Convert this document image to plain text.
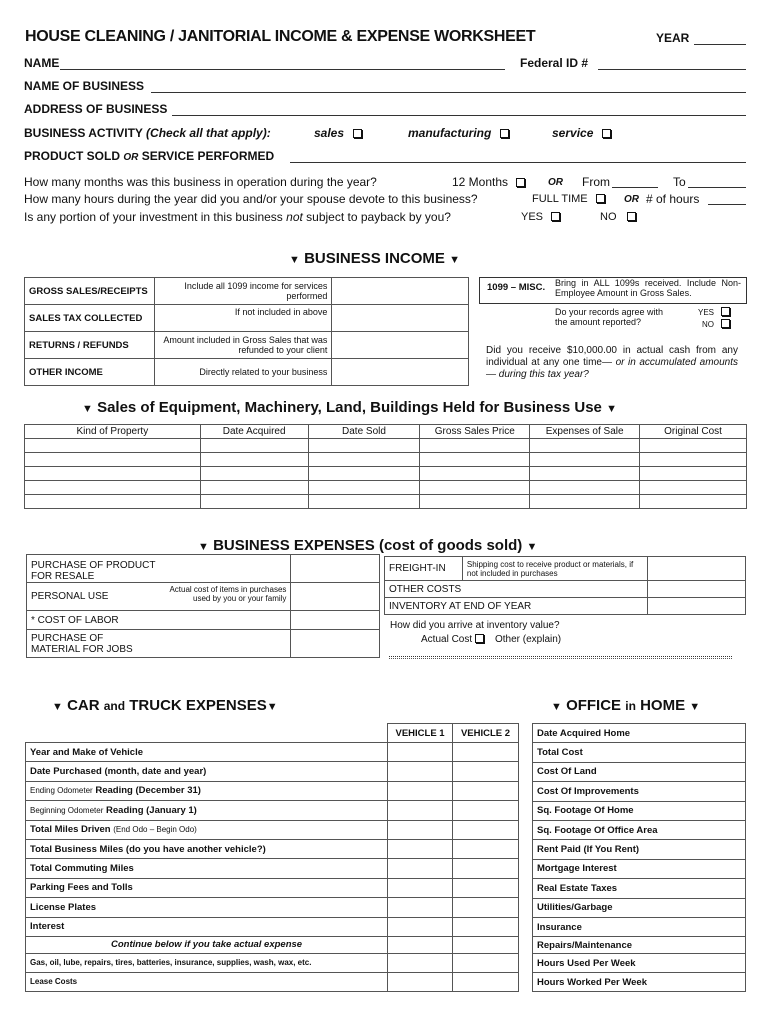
HOUSE CLEANING / JANITORIAL INCOME & EXPENSE WORKSHEET	YEAR
NAME	Federal ID #
NAME OF BUSINESS
ADDRESS OF BUSINESS
BUSINESS ACTIVITY (Check all that apply):	sales	manufacturing	service
PRODUCT SOLD OR SERVICE PERFORMED
How many months was this business in operation during the year?	12 Months	OR From	To
How many hours during the year did you and/or your spouse devote to this business?	FULL TIME	OR # of hours
Is any portion of your investment in this business not subject to payback by you?	YES	NO
▼ BUSINESS INCOME ▼
GROSS SALES/RECEIPTS	Include all 1099 income for services performed	
SALES TAX COLLECTED	If not included in above	
RETURNS / REFUNDS	Amount included in Gross Sales that was refunded to your client	
OTHER INCOME	Directly related to your business	
1099 – MISC. Bring in ALL 1099s received. Include Non-Employee Amount in Gross Sales.
Do your records agree with the amount reported?
YES
NO
Did you receive $10,000.00 in actual cash from any individual at any one time— or in accumulated amounts — during this tax year?
▼ Sales of Equipment, Machinery, Land, Buildings Held for Business Use ▼
Kind of Property	Date Acquired	Date Sold	Gross Sales Price	Expenses of Sale	Original Cost

▼ BUSINESS EXPENSES (cost of goods sold) ▼
PURCHASE OF PRODUCT FOR RESALE	

PERSONAL USE
Actual cost of items in purchases used by you or your family	

* COST OF LABOR	

PURCHASE OF MATERIAL FOR JOBS	

FREIGHT-IN	Shipping cost to receive product or materials, if not included in purchases	
OTHER COSTS		
INVENTORY AT END OF YEAR		
How did you arrive at inventory value?
Actual Cost	Other (explain)
▼ CAR and TRUCK EXPENSES▼
	VEHICLE 1	VEHICLE 2
Year and Make of Vehicle		
Date Purchased (month, date and year)		
Ending Odometer Reading (December 31)		
Beginning Odometer Reading (January 1)		
Total Miles Driven (End Odo – Begin Odo)		
Total Business Miles (do you have another vehicle?)		
Total Commuting Miles		
Parking Fees and Tolls		
License Plates		
Interest		
Continue below if you take actual expense		
Gas, oil, lube, repairs, tires, batteries, insurance, supplies, wash, wax, etc.		
Lease Costs		
▼ OFFICE in HOME ▼
Date Acquired Home
Total Cost
Cost Of Land
Cost Of Improvements
Sq. Footage Of Home
Sq. Footage Of Office Area
Rent Paid (If You Rent)
Mortgage Interest
Real Estate Taxes
Utilities/Garbage
Insurance
Repairs/Maintenance
Hours Used Per Week
Hours Worked Per Week
